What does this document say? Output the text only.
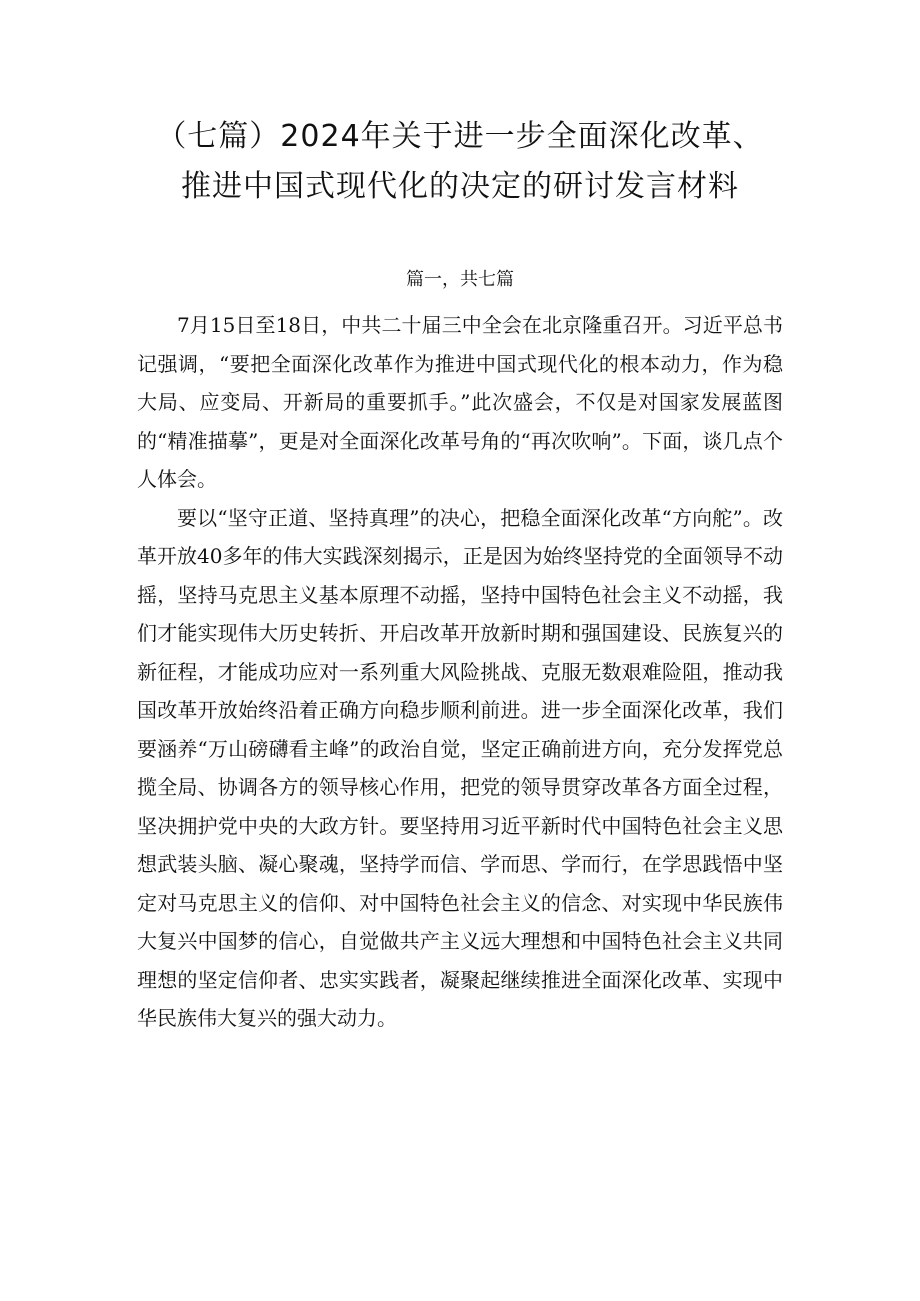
（七篇）2024年关于进一步全面深化改革、
推进中国式现代化的决定的研讨发言材料
篇一，共七篇

7月15日至18日，中共二十届三中全会在北京隆重召开。习近平总书记强调，“要把全面深化改革作为推进中国式现代化的根本动力，作为稳大局、应变局、开新局的重要抓手。”此次盛会，不仅是对国家发展蓝图的“精准描摹”，更是对全面深化改革号角的“再次吹响”。下面，谈几点个人体会。

要以“坚守正道、坚持真理”的决心，把稳全面深化改革“方向舵”。改革开放40多年的伟大实践深刻揭示，正是因为始终坚持党的全面领导不动摇，坚持马克思主义基本原理不动摇，坚持中国特色社会主义不动摇，我们才能实现伟大历史转折、开启改革开放新时期和强国建设、民族复兴的新征程，才能成功应对一系列重大风险挑战、克服无数艰难险阻，推动我国改革开放始终沿着正确方向稳步顺利前进。进一步全面深化改革，我们要涵养“万山磅礴看主峰”的政治自觉，坚定正确前进方向，充分发挥党总揽全局、协调各方的领导核心作用，把党的领导贯穿改革各方面全过程，坚决拥护党中央的大政方针。要坚持用习近平新时代中国特色社会主义思想武装头脑、凝心聚魂，坚持学而信、学而思、学而行，在学思践悟中坚定对马克思主义的信仰、对中国特色社会主义的信念、对实现中华民族伟大复兴中国梦的信心，自觉做共产主义远大理想和中国特色社会主义共同理想的坚定信仰者、忠实实践者，凝聚起继续推进全面深化改革、实现中华民族伟大复兴的强大动力。
